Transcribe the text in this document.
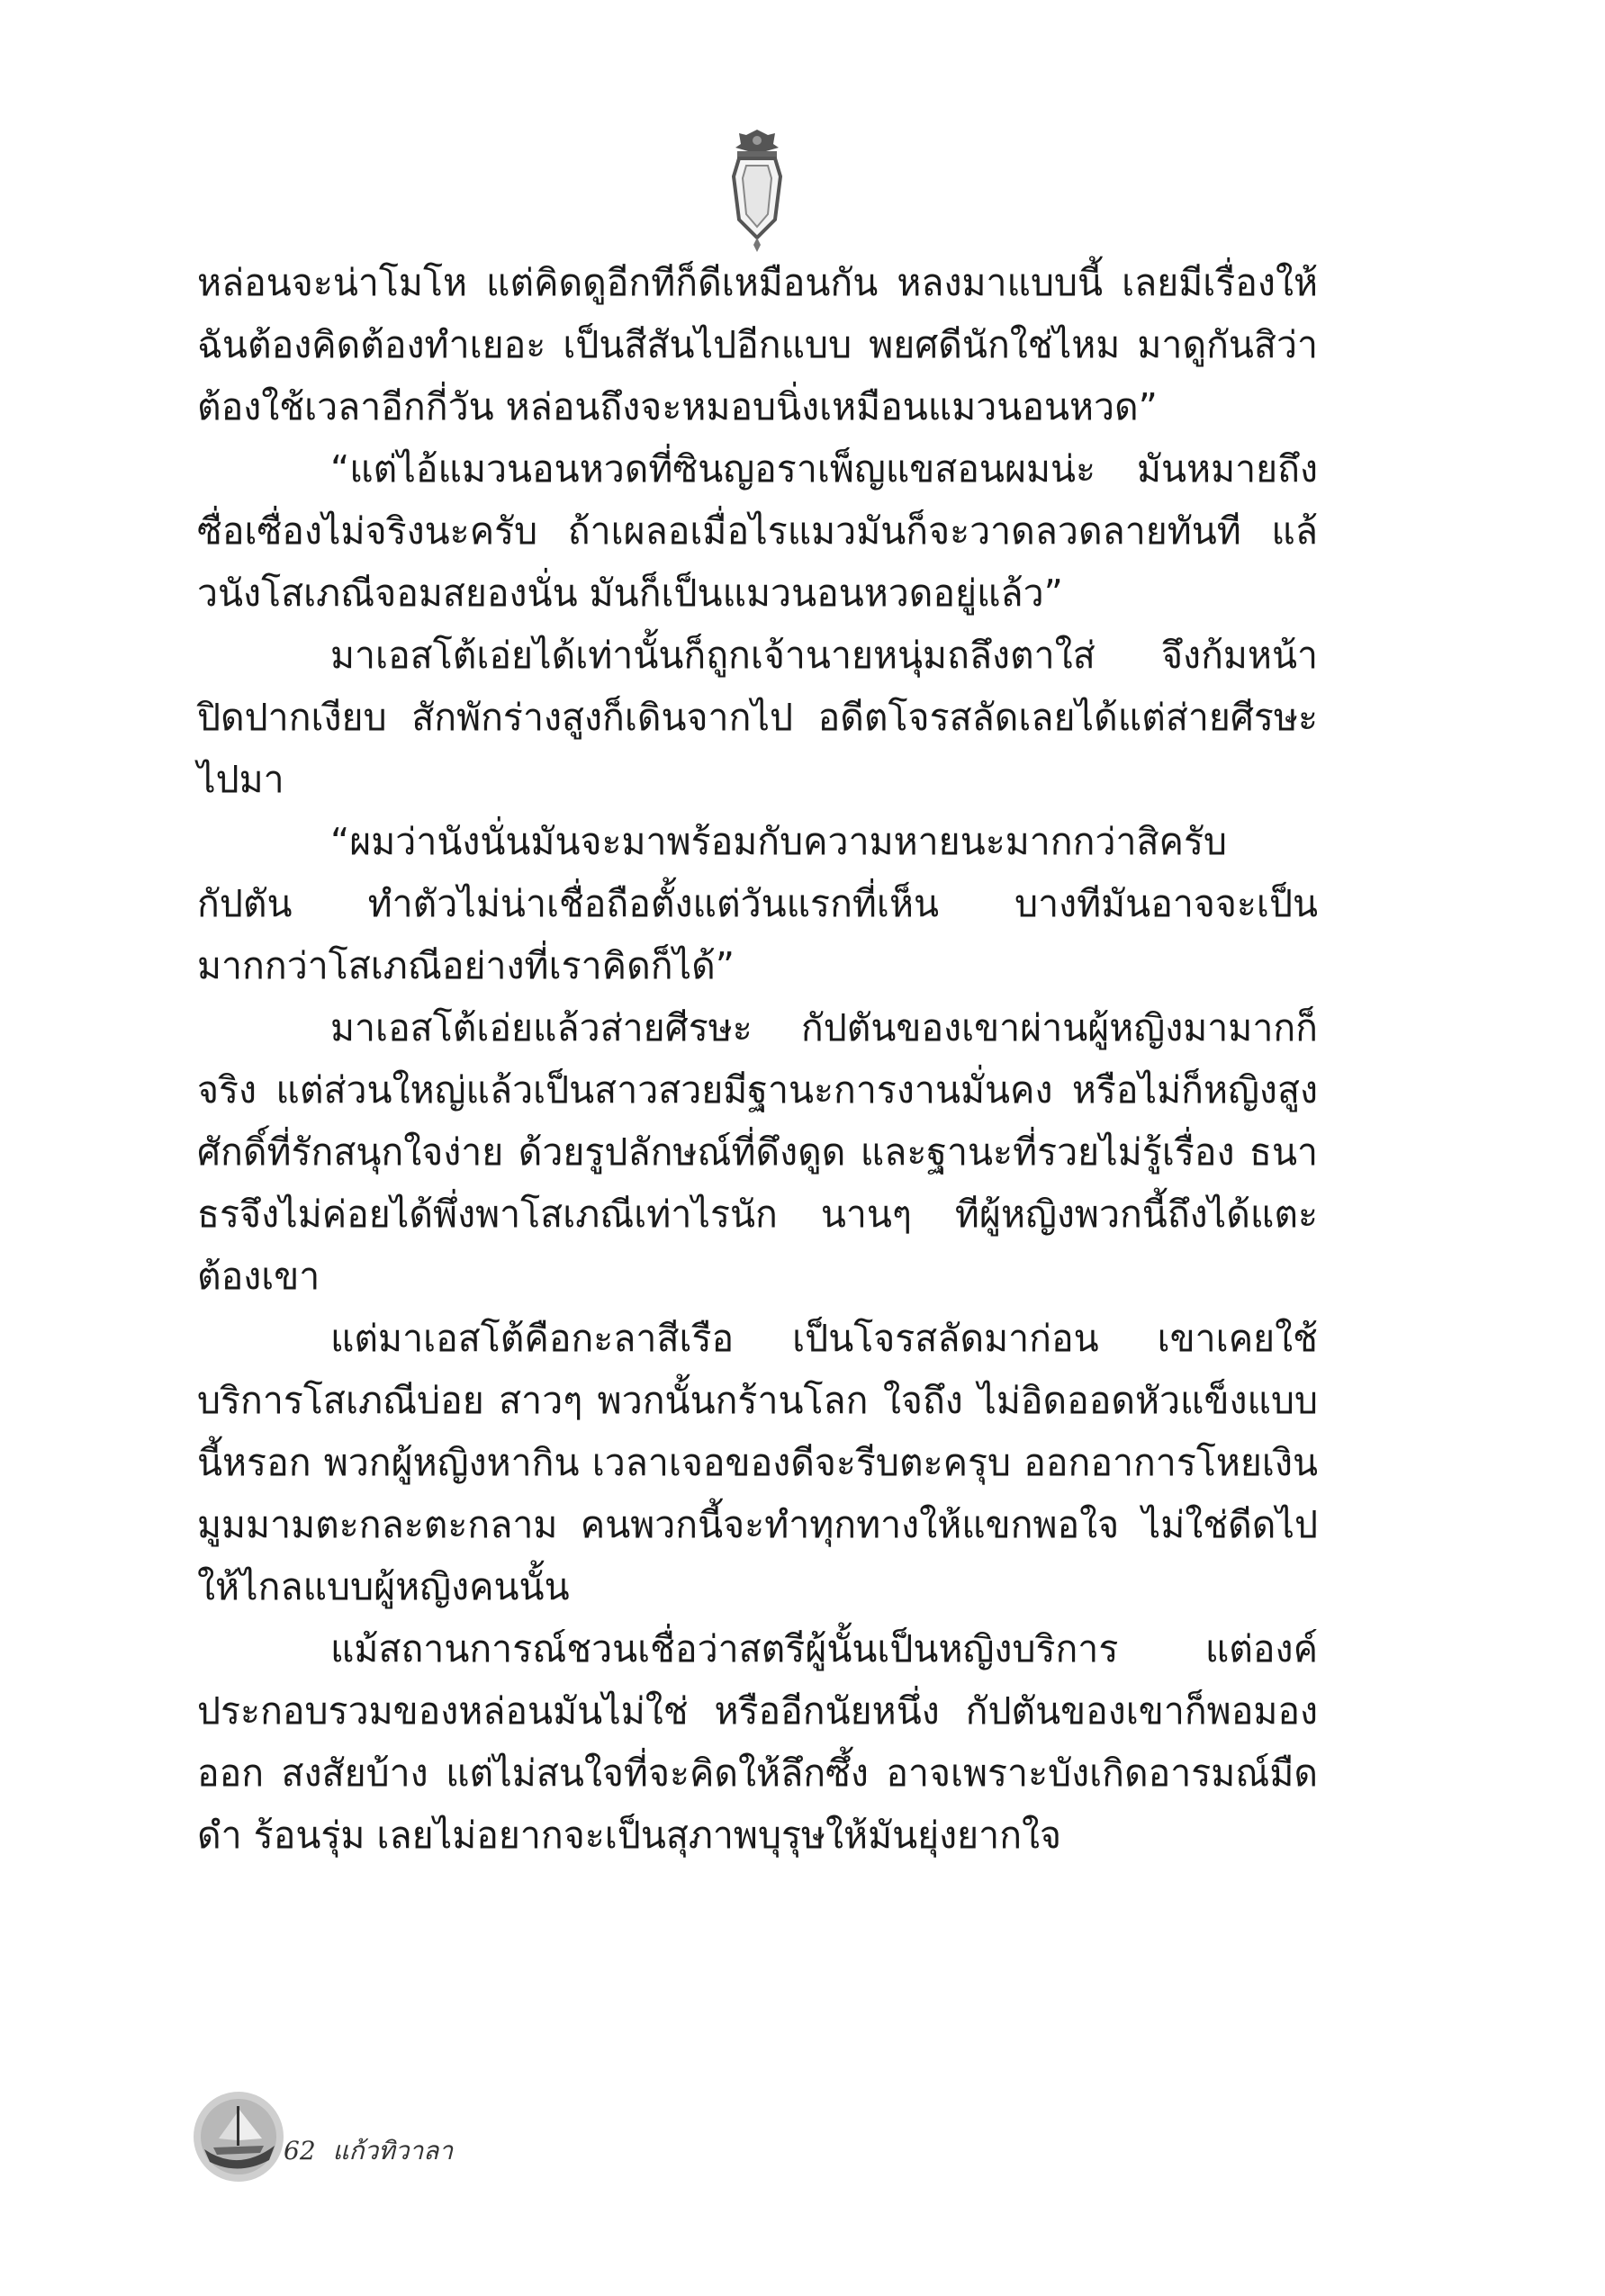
หล่อนจะน่าโมโห แต่คิดดูอีกทีก็ดีเหมือนกัน หลงมาแบบนี้ เลยมีเรื่องให้ฉันต้องคิดต้องทำเยอะ เป็นสีสันไปอีกแบบ พยศดีนักใช่ไหม มาดูกันสิว่าต้องใช้เวลาอีกกี่วัน หล่อนถึงจะหมอบนิ่งเหมือนแมวนอนหวด”

“แต่ไอ้แมวนอนหวดที่ซินญอราเพ็ญแขสอนผมน่ะ มันหมายถึงซื่อเซื่องไม่จริงนะครับ ถ้าเผลอเมื่อไรแมวมันก็จะวาดลวดลายทันที แล้วนังโสเภณีจอมสยองนั่น มันก็เป็นแมวนอนหวดอยู่แล้ว”

มาเอสโต้เอ่ยได้เท่านั้นก็ถูกเจ้านายหนุ่มถลึงตาใส่ จึงก้มหน้าปิดปากเงียบ สักพักร่างสูงก็เดินจากไป อดีตโจรสลัดเลยได้แต่ส่ายศีรษะไปมา

“ผมว่านังนั่นมันจะมาพร้อมกับความหายนะมากกว่าสิครับกัปตัน ทำตัวไม่น่าเชื่อถือตั้งแต่วันแรกที่เห็น บางทีมันอาจจะเป็นมากกว่าโสเภณีอย่างที่เราคิดก็ได้”

มาเอสโต้เอ่ยแล้วส่ายศีรษะ กัปตันของเขาผ่านผู้หญิงมามากก็จริง แต่ส่วนใหญ่แล้วเป็นสาวสวยมีฐานะการงานมั่นคง หรือไม่ก็หญิงสูงศักดิ์ที่รักสนุกใจง่าย ด้วยรูปลักษณ์ที่ดึงดูด และฐานะที่รวยไม่รู้เรื่อง ธนาธรจึงไม่ค่อยได้พึ่งพาโสเภณีเท่าไรนัก นานๆ ทีผู้หญิงพวกนี้ถึงได้แตะต้องเขา

แต่มาเอสโต้คือกะลาสีเรือ เป็นโจรสลัดมาก่อน เขาเคยใช้บริการโสเภณีบ่อย สาวๆ พวกนั้นกร้านโลก ใจถึง ไม่อิดออดหัวแข็งแบบนี้หรอก พวกผู้หญิงหากิน เวลาเจอของดีจะรีบตะครุบ ออกอาการโหยเงิน มูมมามตะกละตะกลาม คนพวกนี้จะทำทุกทางให้แขกพอใจ ไม่ใช่ดีดไปให้ไกลแบบผู้หญิงคนนั้น

แม้สถานการณ์ชวนเชื่อว่าสตรีผู้นั้นเป็นหญิงบริการ แต่องค์ประกอบรวมของหล่อนมันไม่ใช่ หรืออีกนัยหนึ่ง กัปตันของเขาก็พอมองออก สงสัยบ้าง แต่ไม่สนใจที่จะคิดให้ลึกซึ้ง อาจเพราะบังเกิดอารมณ์มืดดำ ร้อนรุ่ม เลยไม่อยากจะเป็นสุภาพบุรุษให้มันยุ่งยากใจ

62 แก้วทิวาลา
